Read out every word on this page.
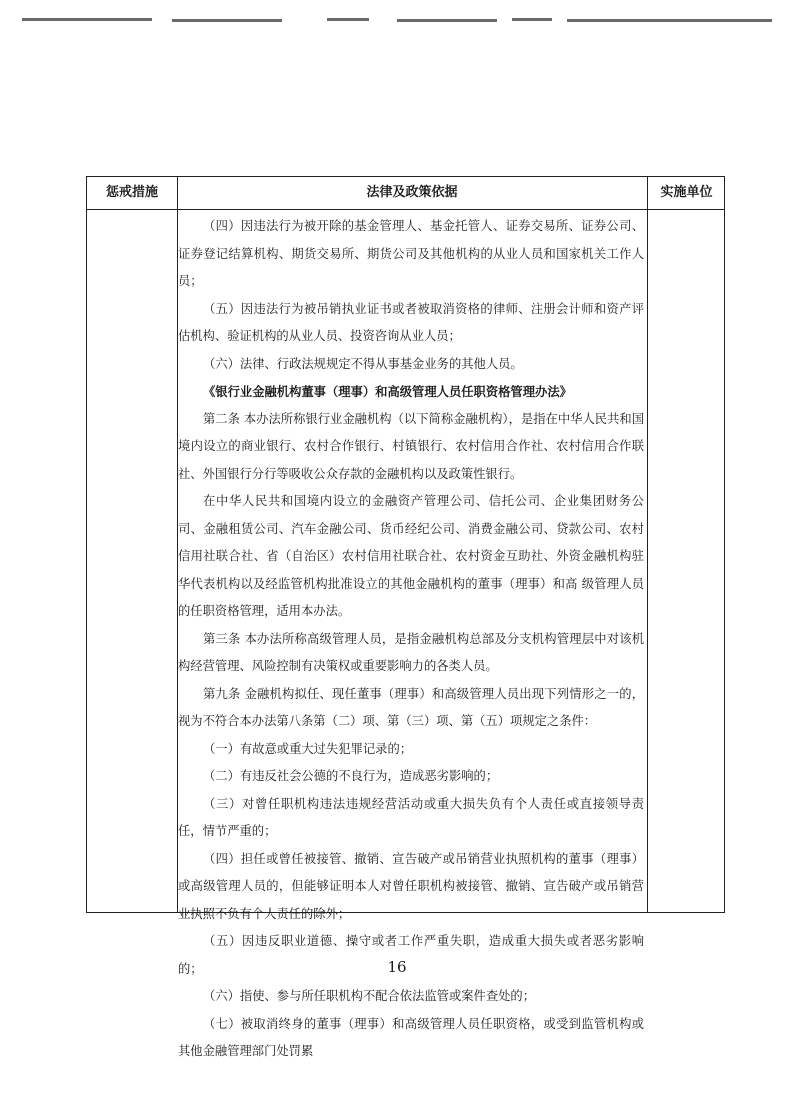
惩戒措施	法律及政策依据	实施单位

（四）因违法行为被开除的基金管理人、基金托管人、证券交易所、证券公司、证券登记结算机构、期货交易所、期货公司及其他机构的从业人员和国家机关工作人员；

（五）因违法行为被吊销执业证书或者被取消资格的律师、注册会计师和资产评估机构、验证机构的从业人员、投资咨询从业人员；

（六）法律、行政法规规定不得从事基金业务的其他人员。

《银行业金融机构董事（理事）和高级管理人员任职资格管理办法》

第二条 本办法所称银行业金融机构（以下简称金融机构），是指在中华人民共和国境内设立的商业银行、农村合作银行、村镇银行、农村信用合作社、农村信用合作联社、外国银行分行等吸收公众存款的金融机构以及政策性银行。

在中华人民共和国境内设立的金融资产管理公司、信托公司、企业集团财务公司、金融租赁公司、汽车金融公司、货币经纪公司、消费金融公司、贷款公司、农村信用社联合社、省（自治区）农村信用社联合社、农村资金互助社、外资金融机构驻华代表机构以及经监管机构批准设立的其他金融机构的董事（理事）和高 级管理人员的任职资格管理，适用本办法。

第三条 本办法所称高级管理人员，是指金融机构总部及分支机构管理层中对该机构经营管理、风险控制有决策权或重要影响力的各类人员。

第九条 金融机构拟任、现任董事（理事）和高级管理人员出现下列情形之一的，视为不符合本办法第八条第（二）项、第（三）项、第（五）项规定之条件：

（一）有故意或重大过失犯罪记录的；

（二）有违反社会公德的不良行为，造成恶劣影响的；

（三）对曾任职机构违法违规经营活动或重大损失负有个人责任或直接领导责任，情节严重的；

（四）担任或曾任被接管、撤销、宣告破产或吊销营业执照机构的董事（理事）或高级管理人员的，但能够证明本人对曾任职机构被接管、撤销、宣告破产或吊销营业执照不负有个人责任的除外；

（五）因违反职业道德、操守或者工作严重失职，造成重大损失或者恶劣影响的；

（六）指使、参与所任职机构不配合依法监管或案件查处的；

（七）被取消终身的董事（理事）和高级管理人员任职资格，或受到监管机构或其他金融管理部门处罚累

16
